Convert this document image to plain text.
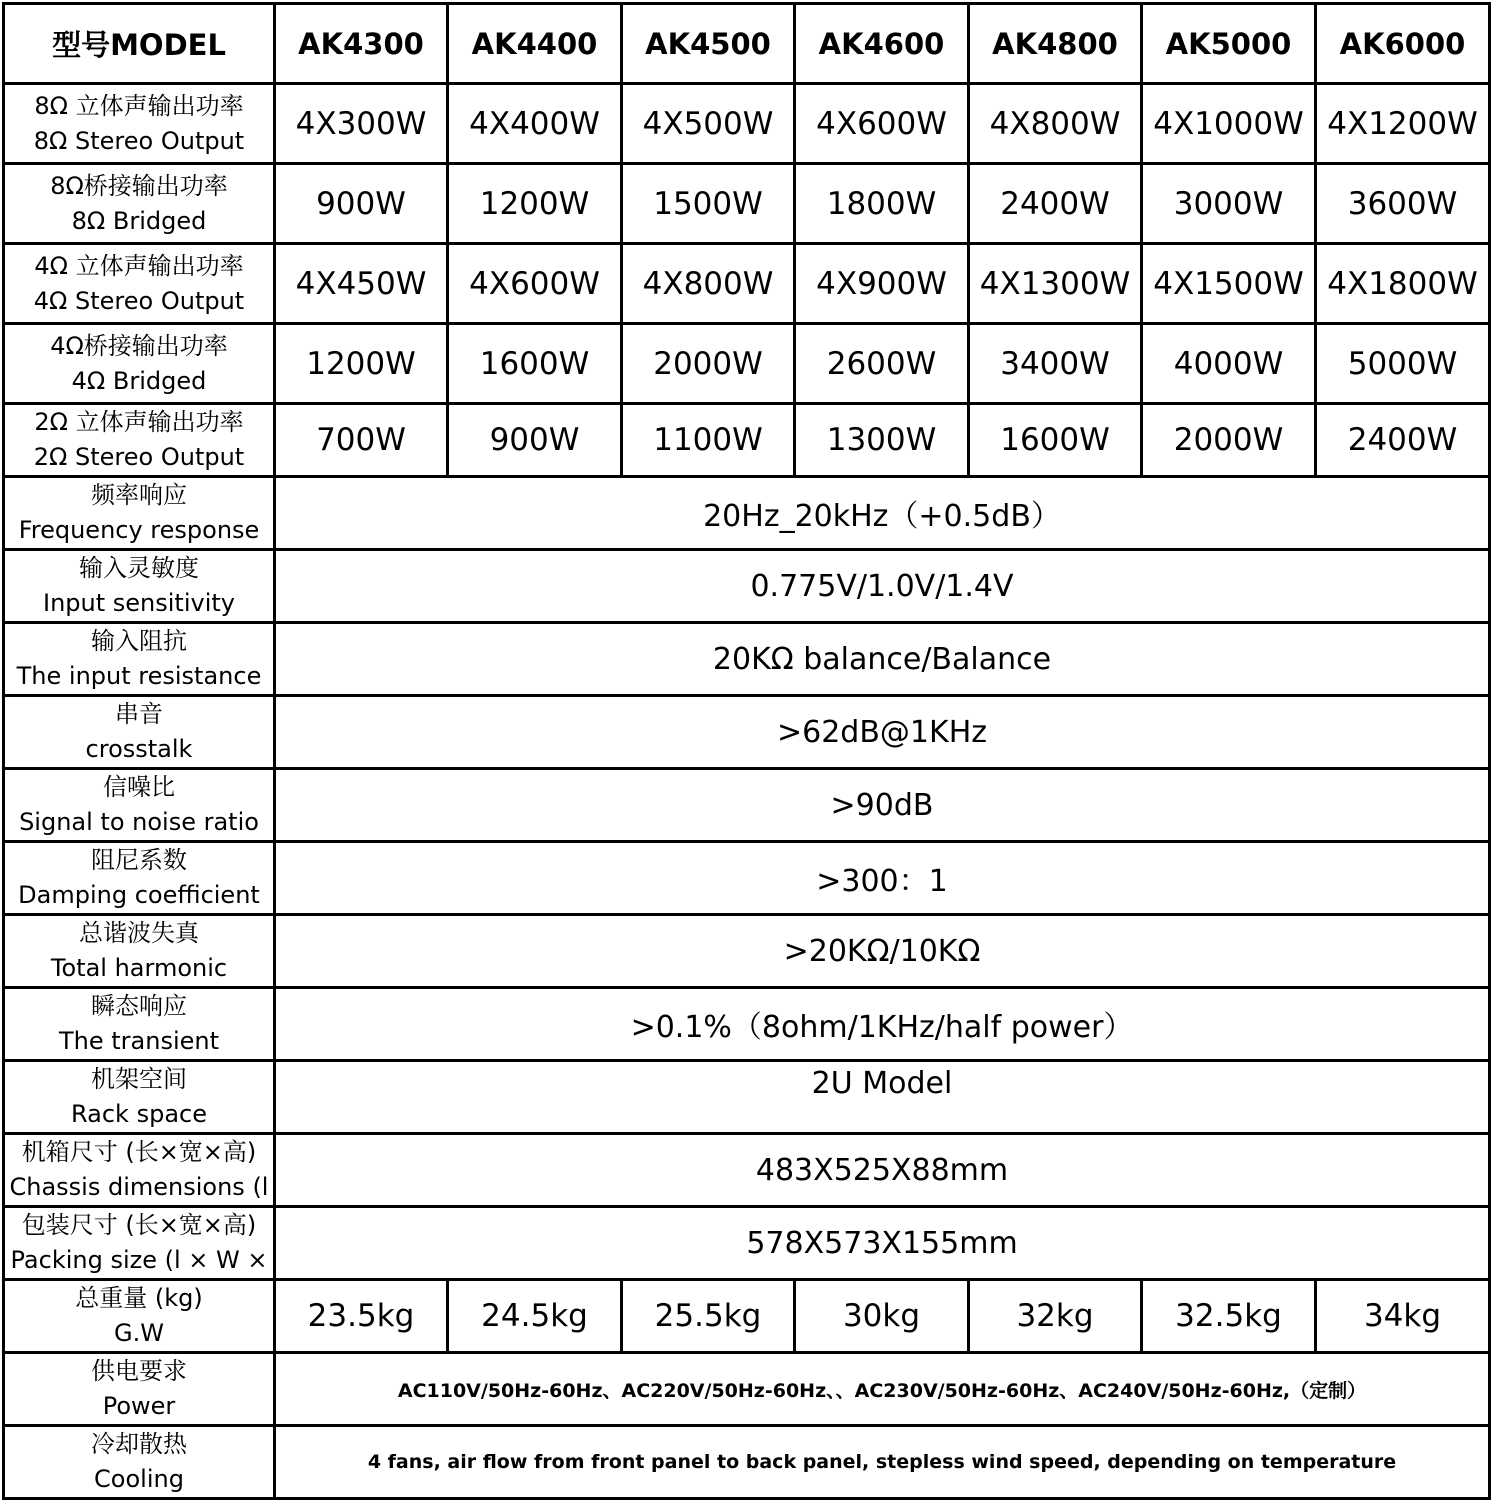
型号MODEL	AK4300	AK4400	AK4500	AK4600	AK4800	AK5000	AK6000

8Ω 立体声输出功率
8Ω Stereo Output	4X300W	4X400W	4X500W	4X600W	4X800W	4X1000W	4X1200W

8Ω桥接输出功率
8Ω Bridged	900W	1200W	1500W	1800W	2400W	3000W	3600W

4Ω 立体声输出功率
4Ω Stereo Output	4X450W	4X600W	4X800W	4X900W	4X1300W	4X1500W	4X1800W

4Ω桥接输出功率
4Ω Bridged	1200W	1600W	2000W	2600W	3400W	4000W	5000W

2Ω 立体声输出功率
2Ω Stereo Output	700W	900W	1100W	1300W	1600W	2000W	2400W

频率响应
Frequency response	20Hz_20kHz（+0.5dB）						

输入灵敏度
Input sensitivity	0.775V/1.0V/1.4V						

输入阻抗
The input resistance	20KΩ balance/Balance						

串音
crosstalk	>62dB@1KHz						

信噪比
Signal to noise ratio	>90dB						

阻尼系数
Damping coefficient	>300：1						

总谐波失真
Total harmonic	>20KΩ/10KΩ						

瞬态响应
The transient	>0.1%（8ohm/1KHz/half power）						

机架空间
Rack space	2U Model						

机箱尺寸 (长×宽×高)
Chassis dimensions (l	483X525X88mm						

包装尺寸 (长×宽×高)
Packing size (l × W ×	578X573X155mm						

总重量 (kg)
G.W	23.5kg	24.5kg	25.5kg	30kg	32kg	32.5kg	34kg

供电要求
Power	AC110V/50Hz-60Hz、AC220V/50Hz-60Hz、、AC230V/50Hz-60Hz、AC240V/50Hz-60Hz,（定制）						

冷却散热
Cooling	4 fans, air flow from front panel to back panel, stepless wind speed, depending on temperature						
